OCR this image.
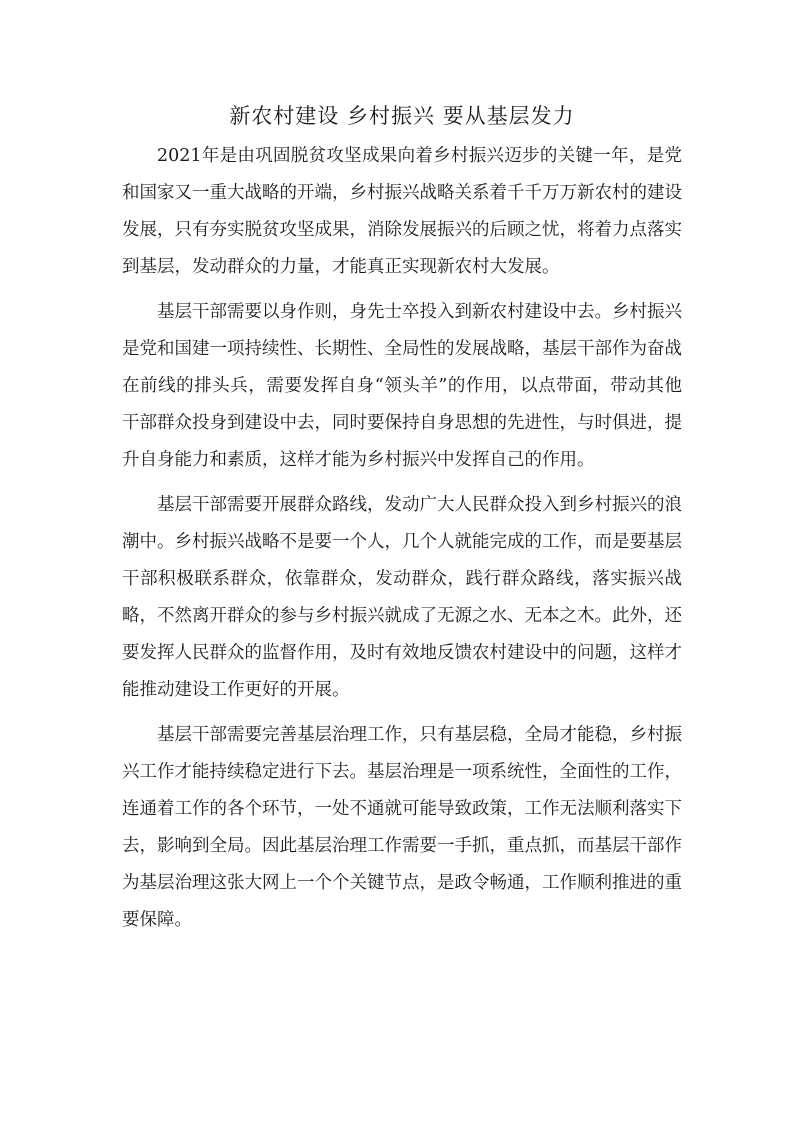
新农村建设 乡村振兴 要从基层发力

2021年是由巩固脱贫攻坚成果向着乡村振兴迈步的关键一年，是党和国家又一重大战略的开端，乡村振兴战略关系着千千万万新农村的建设发展，只有夯实脱贫攻坚成果，消除发展振兴的后顾之忧，将着力点落实到基层，发动群众的力量，才能真正实现新农村大发展。

基层干部需要以身作则，身先士卒投入到新农村建设中去。乡村振兴是党和国建一项持续性、长期性、全局性的发展战略，基层干部作为奋战在前线的排头兵，需要发挥自身“领头羊”的作用，以点带面，带动其他干部群众投身到建设中去，同时要保持自身思想的先进性，与时俱进，提升自身能力和素质，这样才能为乡村振兴中发挥自己的作用。

基层干部需要开展群众路线，发动广大人民群众投入到乡村振兴的浪潮中。乡村振兴战略不是要一个人，几个人就能完成的工作，而是要基层干部积极联系群众，依靠群众，发动群众，践行群众路线，落实振兴战略，不然离开群众的参与乡村振兴就成了无源之水、无本之木。此外，还要发挥人民群众的监督作用，及时有效地反馈农村建设中的问题，这样才能推动建设工作更好的开展。

基层干部需要完善基层治理工作，只有基层稳，全局才能稳，乡村振兴工作才能持续稳定进行下去。基层治理是一项系统性，全面性的工作，连通着工作的各个环节，一处不通就可能导致政策，工作无法顺利落实下去，影响到全局。因此基层治理工作需要一手抓，重点抓，而基层干部作为基层治理这张大网上一个个关键节点，是政令畅通，工作顺利推进的重要保障。
